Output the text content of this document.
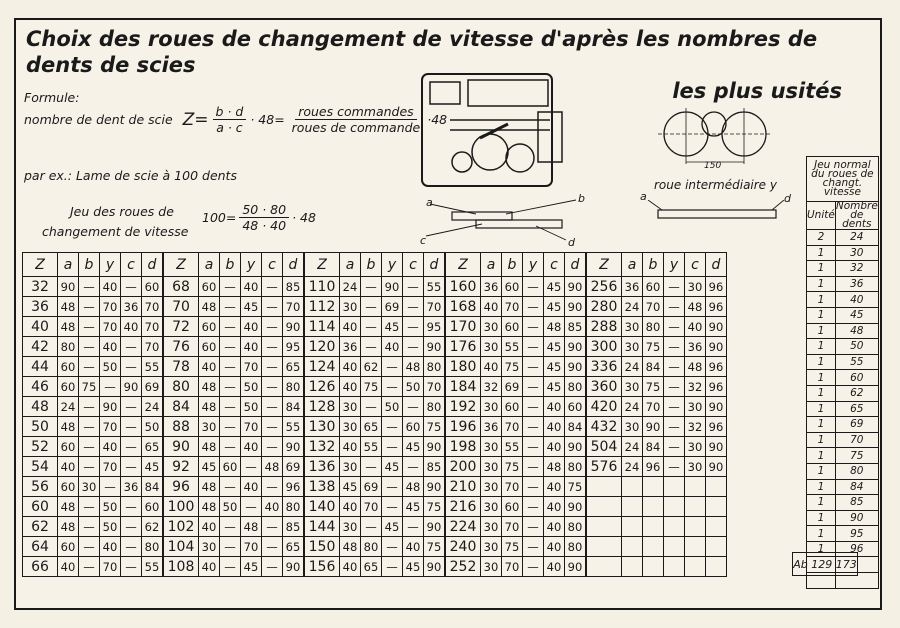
Choix des roues de changement de vitesse d'après les nombres de dents de scies
les plus usités
Formule:
nombre de dent de scie $Z= \frac{b \cdot d}{a \cdot c} \cdot 48= \frac{\text{roues commandes}}{\text{roues de commande}} \cdot 48$
par ex.: Lame de scie à 100 dents
Jeu des roues de
changement de vitesse
$100= \frac{50 \cdot 80}{48 \cdot 40} \cdot 48$
150
roue intermédiaire y
a	b
c	d
a	d
Z	a	b	y	c	d	Z	a	b	y	c	d	Z	a	b	y	c	d	Z	a	b	y	c	d	Z	a	b	y	c	d
32	90	—	40	—	60	68	60	—	40	—	85	110	24	—	90	—	55	160	36	60	—	45	90	256	36	60	—	30	96
36	48	—	70	36	70	70	48	—	45	—	70	112	30	—	69	—	70	168	40	70	—	45	90	280	24	70	—	48	96
40	48	—	70	40	70	72	60	—	40	—	90	114	40	—	45	—	95	170	30	60	—	48	85	288	30	80	—	40	90
42	80	—	40	—	70	76	60	—	40	—	95	120	36	—	40	—	90	176	30	55	—	45	90	300	30	75	—	36	90
44	60	—	50	—	55	78	40	—	70	—	65	124	40	62	—	48	80	180	40	75	—	45	90	336	24	84	—	48	96
46	60	75	—	90	69	80	48	—	50	—	80	126	40	75	—	50	70	184	32	69	—	45	80	360	30	75	—	32	96
48	24	—	90	—	24	84	48	—	50	—	84	128	30	—	50	—	80	192	30	60	—	40	60	420	24	70	—	30	90
50	48	—	70	—	50	88	30	—	70	—	55	130	30	65	—	60	75	196	36	70	—	40	84	432	30	90	—	32	96
52	60	—	40	—	65	90	48	—	40	—	90	132	40	55	—	45	90	198	30	55	—	40	90	504	24	84	—	30	90
54	40	—	70	—	45	92	45	60	—	48	69	136	30	—	45	—	85	200	30	75	—	48	80	576	24	96	—	30	90
56	60	30	—	36	84	96	48	—	40	—	96	138	45	69	—	48	90	210	30	70	—	40	75						
60	48	—	50	—	60	100	48	50	—	40	80	140	40	70	—	45	75	216	30	60	—	40	90						
62	48	—	50	—	62	102	40	—	48	—	85	144	30	—	45	—	90	224	30	70	—	40	80						
64	60	—	40	—	80	104	30	—	70	—	65	150	48	80	—	40	75	240	30	75	—	40	80						
66	40	—	70	—	55	108	40	—	45	—	90	156	40	65	—	45	90	252	30	70	—	40	90						
Jeu normal du roues de changt. vitesse	
Unité	Nombre de dents
2	24
1	30
1	32
1	36
1	40
1	45
1	48
1	50
1	55
1	60
1	62
1	65
1	69
1	70
1	75
1	80
1	84
1	85
1	90
1	95
1	96

Ab 129 173
